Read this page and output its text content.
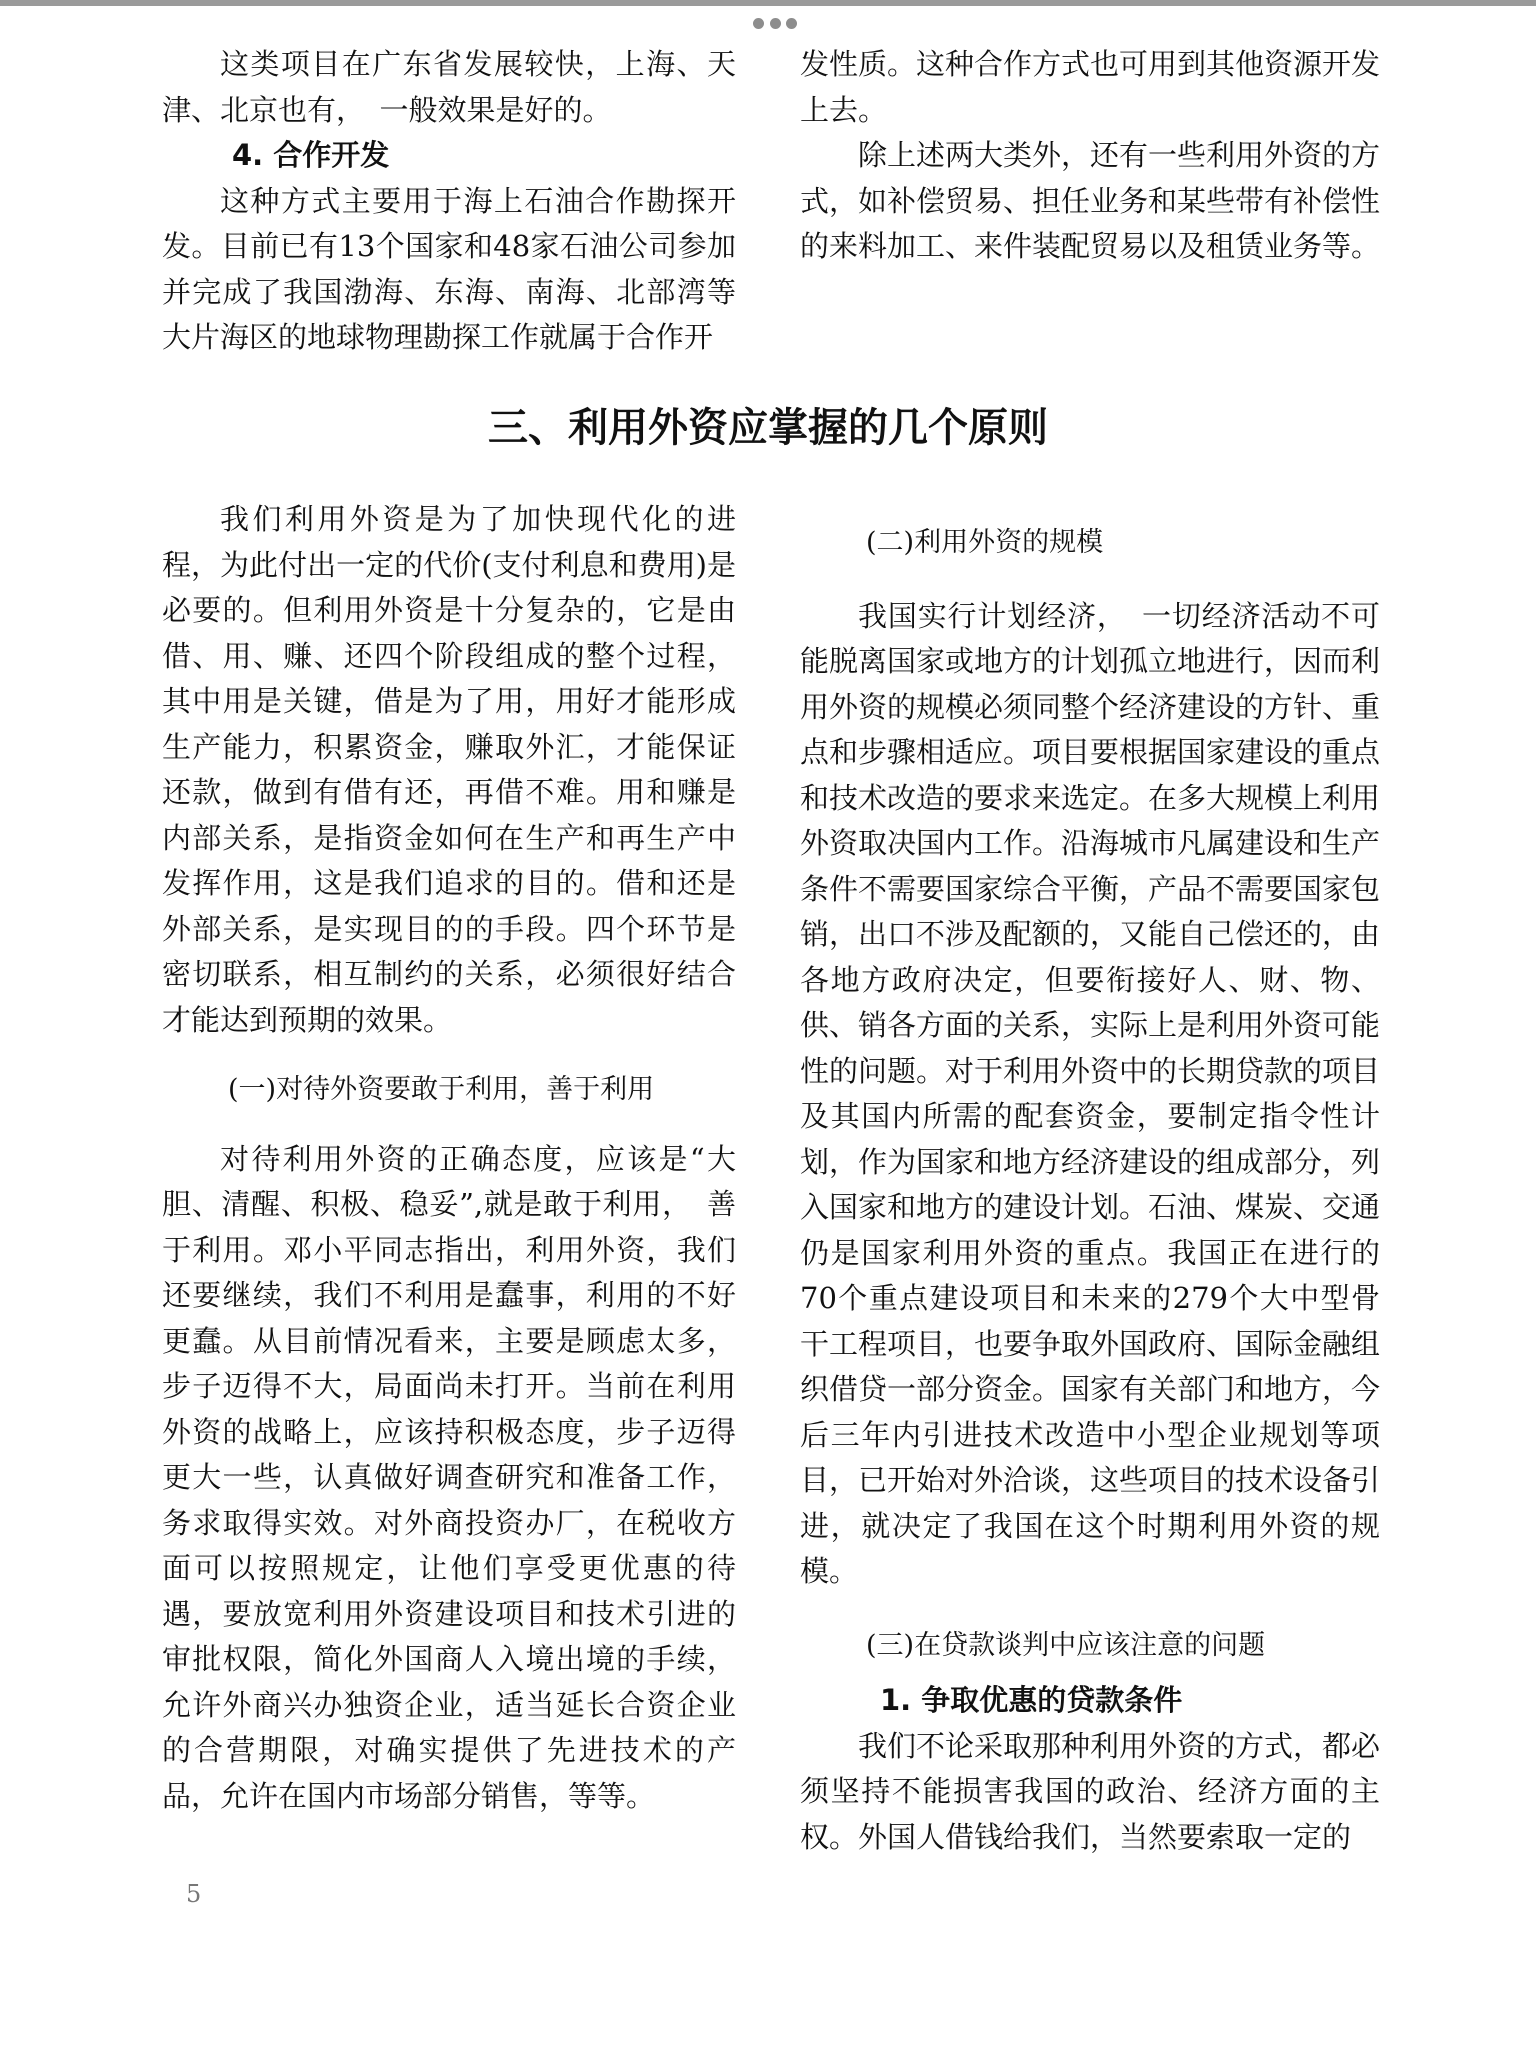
这类项目在广东省发展较快，上海、天津、北京也有，　一般效果是好的。

4. 合作开发

这种方式主要用于海上石油合作勘探开发。目前已有13个国家和48家石油公司参加并完成了我国渤海、东海、南海、北部湾等大片海区的地球物理勘探工作就属于合作开

发性质。这种合作方式也可用到其他资源开发上去。

除上述两大类外，还有一些利用外资的方式，如补偿贸易、担任业务和某些带有补偿性的来料加工、来件装配贸易以及租赁业务等。

三、利用外资应掌握的几个原则

我们利用外资是为了加快现代化的进程，为此付出一定的代价(支付利息和费用)是必要的。但利用外资是十分复杂的，它是由借、用、赚、还四个阶段组成的整个过程，其中用是关键，借是为了用，用好才能形成生产能力，积累资金，赚取外汇，才能保证还款，做到有借有还，再借不难。用和赚是内部关系，是指资金如何在生产和再生产中发挥作用，这是我们追求的目的。借和还是外部关系，是实现目的的手段。四个环节是密切联系，相互制约的关系，必须很好结合才能达到预期的效果。

(一)对待外资要敢于利用，善于利用

对待利用外资的正确态度，应该是“大胆、清醒、积极、稳妥”,就是敢于利用，　善于利用。邓小平同志指出，利用外资，我们还要继续，我们不利用是蠢事，利用的不好更蠢。从目前情况看来，主要是顾虑太多，步子迈得不大，局面尚未打开。当前在利用外资的战略上，应该持积极态度，步子迈得更大一些，认真做好调查研究和准备工作，务求取得实效。对外商投资办厂，在税收方面可以按照规定，让他们享受更优惠的待遇，要放宽利用外资建设项目和技术引进的审批权限，简化外国商人入境出境的手续，允许外商兴办独资企业，适当延长合资企业的合营期限，对确实提供了先进技术的产品，允许在国内市场部分销售，等等。

(二)利用外资的规模

我国实行计划经济，　一切经济活动不可能脱离国家或地方的计划孤立地进行，因而利用外资的规模必须同整个经济建设的方针、重点和步骤相适应。项目要根据国家建设的重点和技术改造的要求来选定。在多大规模上利用外资取决国内工作。沿海城市凡属建设和生产条件不需要国家综合平衡，产品不需要国家包销，出口不涉及配额的，又能自己偿还的，由各地方政府决定，但要衔接好人、财、物、供、销各方面的关系，实际上是利用外资可能性的问题。对于利用外资中的长期贷款的项目及其国内所需的配套资金，要制定指令性计划，作为国家和地方经济建设的组成部分，列入国家和地方的建设计划。石油、煤炭、交通仍是国家利用外资的重点。我国正在进行的70个重点建设项目和未来的279个大中型骨干工程项目，也要争取外国政府、国际金融组织借贷一部分资金。国家有关部门和地方，今后三年内引进技术改造中小型企业规划等项目，已开始对外洽谈，这些项目的技术设备引进，就决定了我国在这个时期利用外资的规模。

(三)在贷款谈判中应该注意的问题
1. 争取优惠的贷款条件

我们不论采取那种利用外资的方式，都必须坚持不能损害我国的政治、经济方面的主权。外国人借钱给我们，当然要索取一定的

5
